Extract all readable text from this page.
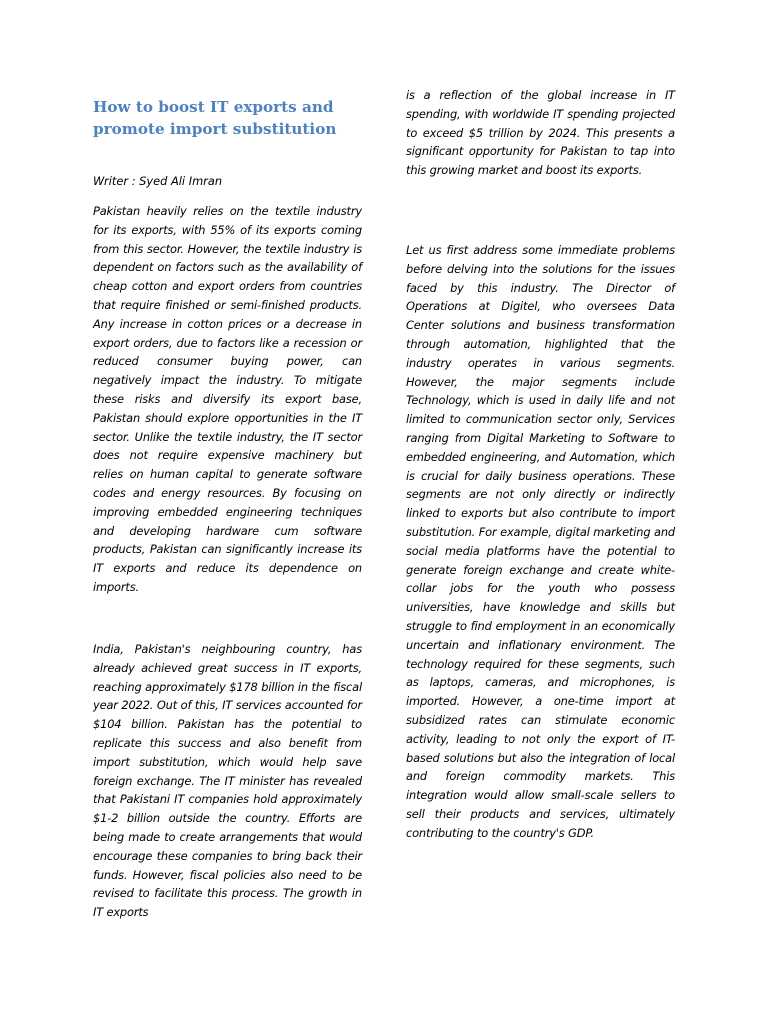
How to boost IT exports and promote import substitution

Writer : Syed Ali Imran

Pakistan heavily relies on the textile industry for its exports, with 55% of its exports coming from this sector. However, the textile industry is dependent on factors such as the availability of cheap cotton and export orders from countries that require finished or semi-finished products. Any increase in cotton prices or a decrease in export orders, due to factors like a recession or reduced consumer buying power, can negatively impact the industry. To mitigate these risks and diversify its export base, Pakistan should explore opportunities in the IT sector. Unlike the textile industry, the IT sector does not require expensive machinery but relies on human capital to generate software codes and energy resources. By focusing on improving embedded engineering techniques and developing hardware cum software products, Pakistan can significantly increase its IT exports and reduce its dependence on imports.

India, Pakistan's neighbouring country, has already achieved great success in IT exports, reaching approximately $178 billion in the fiscal year 2022. Out of this, IT services accounted for $104 billion. Pakistan has the potential to replicate this success and also benefit from import substitution, which would help save foreign exchange. The IT minister has revealed that Pakistani IT companies hold approximately $1-2 billion outside the country. Efforts are being made to create arrangements that would encourage these companies to bring back their funds. However, fiscal policies also need to be revised to facilitate this process. The growth in IT exports

is a reflection of the global increase in IT spending, with worldwide IT spending projected to exceed $5 trillion by 2024. This presents a significant opportunity for Pakistan to tap into this growing market and boost its exports.

Let us first address some immediate problems before delving into the solutions for the issues faced by this industry. The Director of Operations at Digitel, who oversees Data Center solutions and business transformation through automation, highlighted that the industry operates in various segments. However, the major segments include Technology, which is used in daily life and not limited to communication sector only, Services ranging from Digital Marketing to Software to embedded engineering, and Automation, which is crucial for daily business operations. These segments are not only directly or indirectly linked to exports but also contribute to import substitution. For example, digital marketing and social media platforms have the potential to generate foreign exchange and create white-collar jobs for the youth who possess universities, have knowledge and skills but struggle to find employment in an economically uncertain and inflationary environment. The technology required for these segments, such as laptops, cameras, and microphones, is imported. However, a one-time import at subsidized rates can stimulate economic activity, leading to not only the export of IT-based solutions but also the integration of local and foreign commodity markets. This integration would allow small-scale sellers to sell their products and services, ultimately contributing to the country's GDP.
